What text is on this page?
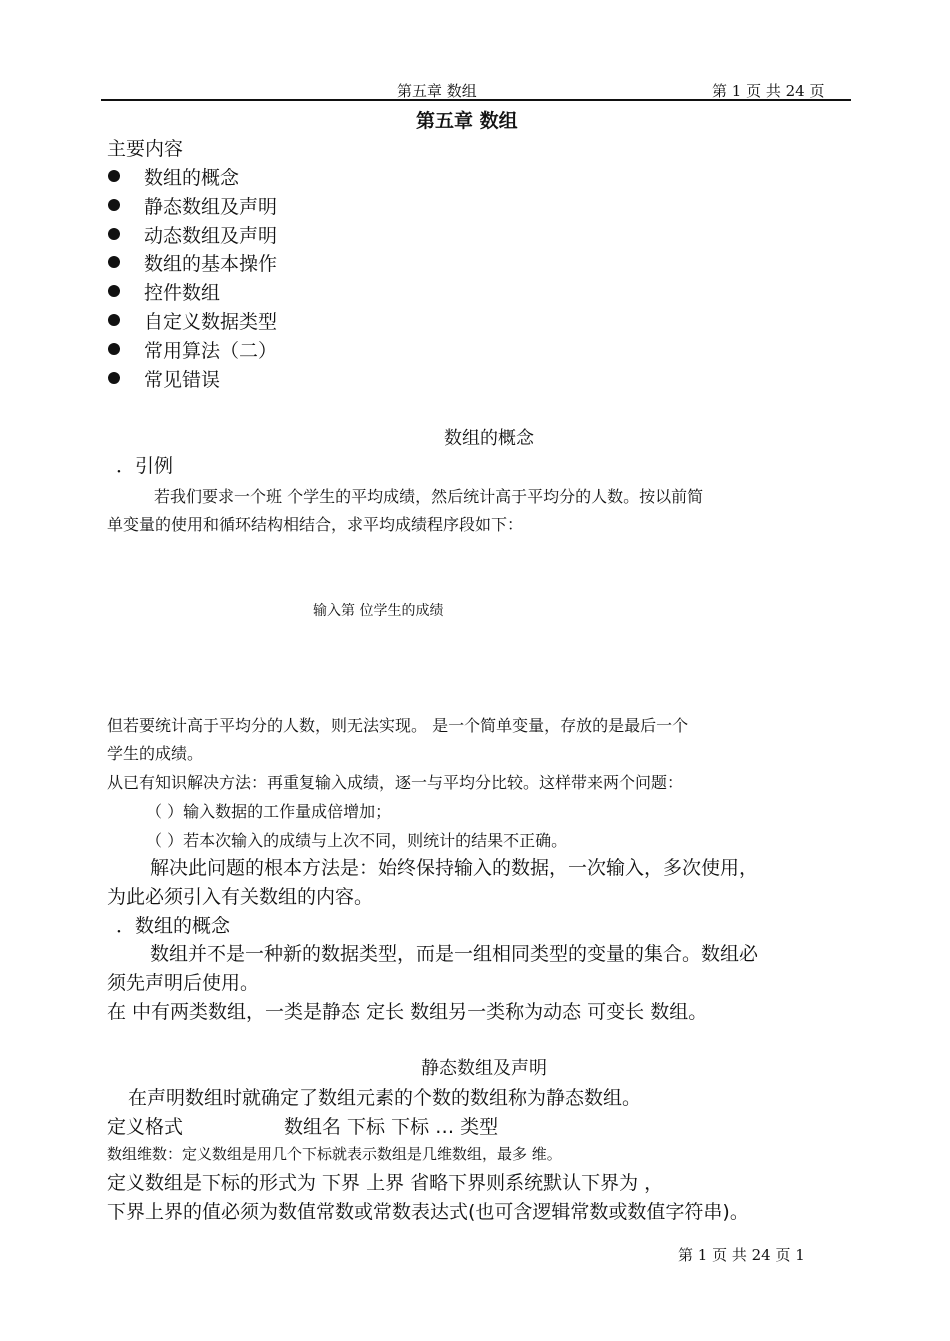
第五章 数组	第 1 页 共 24 页
第五章 数组
主要内容
数组的概念
静态数组及声明
动态数组及声明
数组的基本操作
控件数组
自定义数据类型
常用算法（二）
常见错误
数组的概念
．引例
若我们要求一个班 个学生的平均成绩，然后统计高于平均分的人数。按以前简
单变量的使用和循环结构相结合，求平均成绩程序段如下：
输入第 位学生的成绩
但若要统计高于平均分的人数，则无法实现。 是一个简单变量，存放的是最后一个
学生的成绩。
从已有知识解决方法：再重复输入成绩，逐一与平均分比较。这样带来两个问题：
（ ）输入数据的工作量成倍增加；
（ ）若本次输入的成绩与上次不同，则统计的结果不正确。
解决此问题的根本方法是：始终保持输入的数据，一次输入，多次使用，
为此必须引入有关数组的内容。
．数组的概念
数组并不是一种新的数据类型，而是一组相同类型的变量的集合。数组必
须先声明后使用。
在 中有两类数组，一类是静态 定长 数组另一类称为动态 可变长 数组。
静态数组及声明
在声明数组时就确定了数组元素的个数的数组称为静态数组。
定义格式	数组名 下标 下标 … 类型
数组维数：定义数组是用几个下标就表示数组是几维数组，最多 维。
定义数组是下标的形式为 下界 上界 省略下界则系统默认下界为 ，
下界上界的值必须为数值常数或常数表达式(也可含逻辑常数或数值字符串)。
第 1 页 共 24 页 1
